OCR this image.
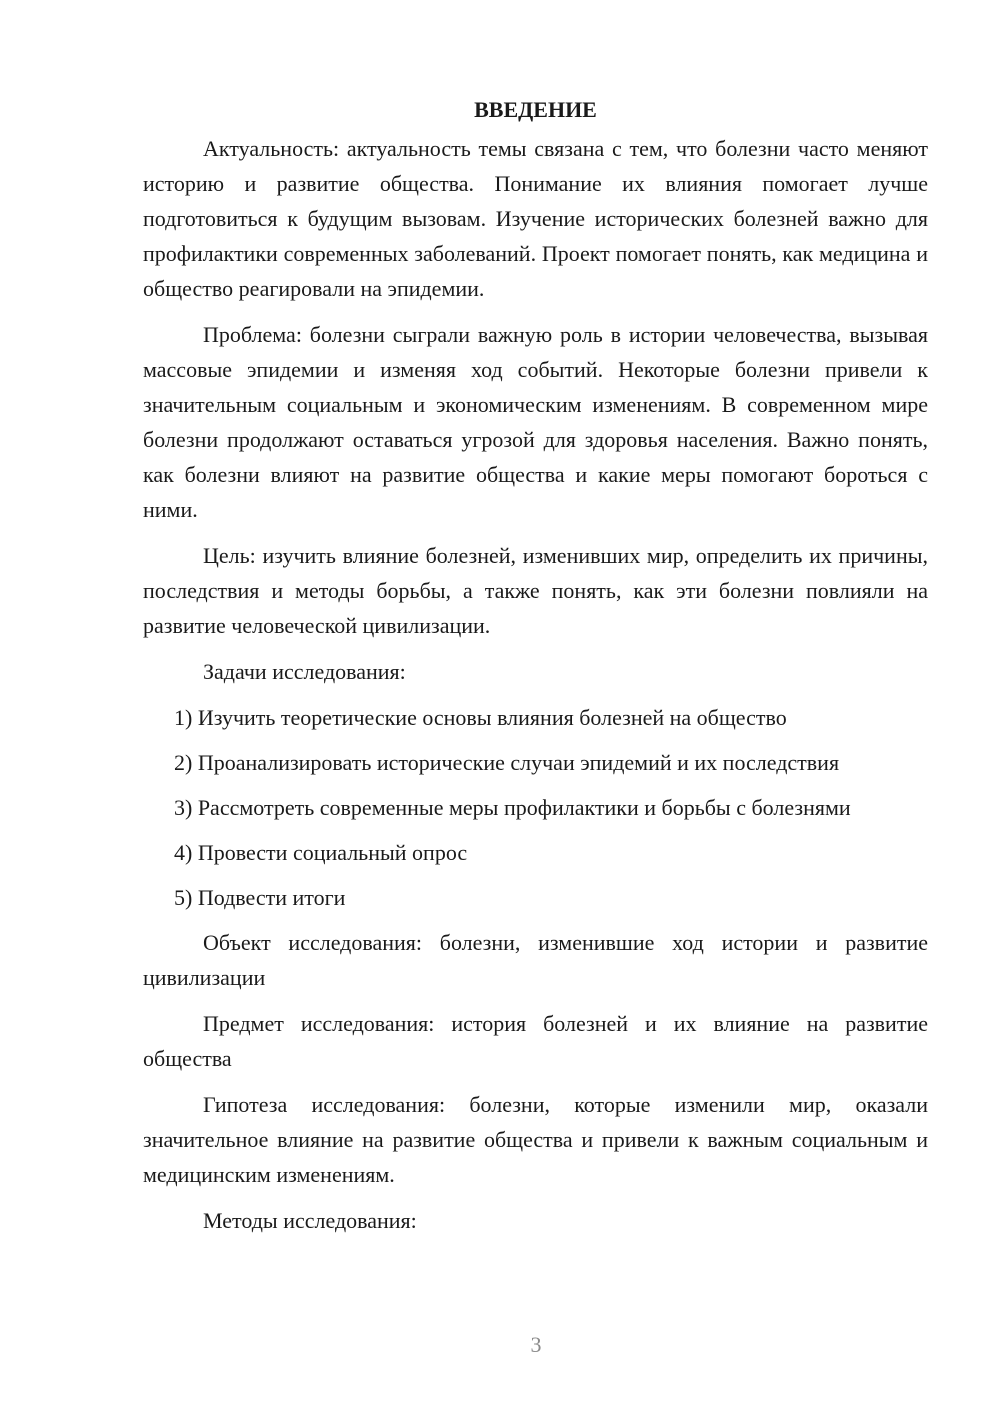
ВВЕДЕНИЕ

Актуальность: актуальность темы связана с тем, что болезни часто меняют историю и развитие общества. Понимание их влияния помогает лучше подготовиться к будущим вызовам. Изучение исторических болезней важно для профилактики современных заболеваний. Проект помогает понять, как медицина и общество реагировали на эпидемии.

Проблема: болезни сыграли важную роль в истории человечества, вызывая массовые эпидемии и изменяя ход событий. Некоторые болезни привели к значительным социальным и экономическим изменениям. В современном мире болезни продолжают оставаться угрозой для здоровья населения. Важно понять, как болезни влияют на развитие общества и какие меры помогают бороться с ними.

Цель: изучить влияние болезней, изменивших мир, определить их причины, последствия и методы борьбы, а также понять, как эти болезни повлияли на развитие человеческой цивилизации.

Задачи исследования:

1) Изучить теоретические основы влияния болезней на общество

2) Проанализировать исторические случаи эпидемий и их последствия

3) Рассмотреть современные меры профилактики и борьбы с болезнями

4) Провести социальный опрос

5) Подвести итоги

Объект исследования: болезни, изменившие ход истории и развитие цивилизации

Предмет исследования: история болезней и их влияние на развитие общества

Гипотеза исследования: болезни, которые изменили мир, оказали значительное влияние на развитие общества и привели к важным социальным и медицинским изменениям.

Методы исследования:

3
